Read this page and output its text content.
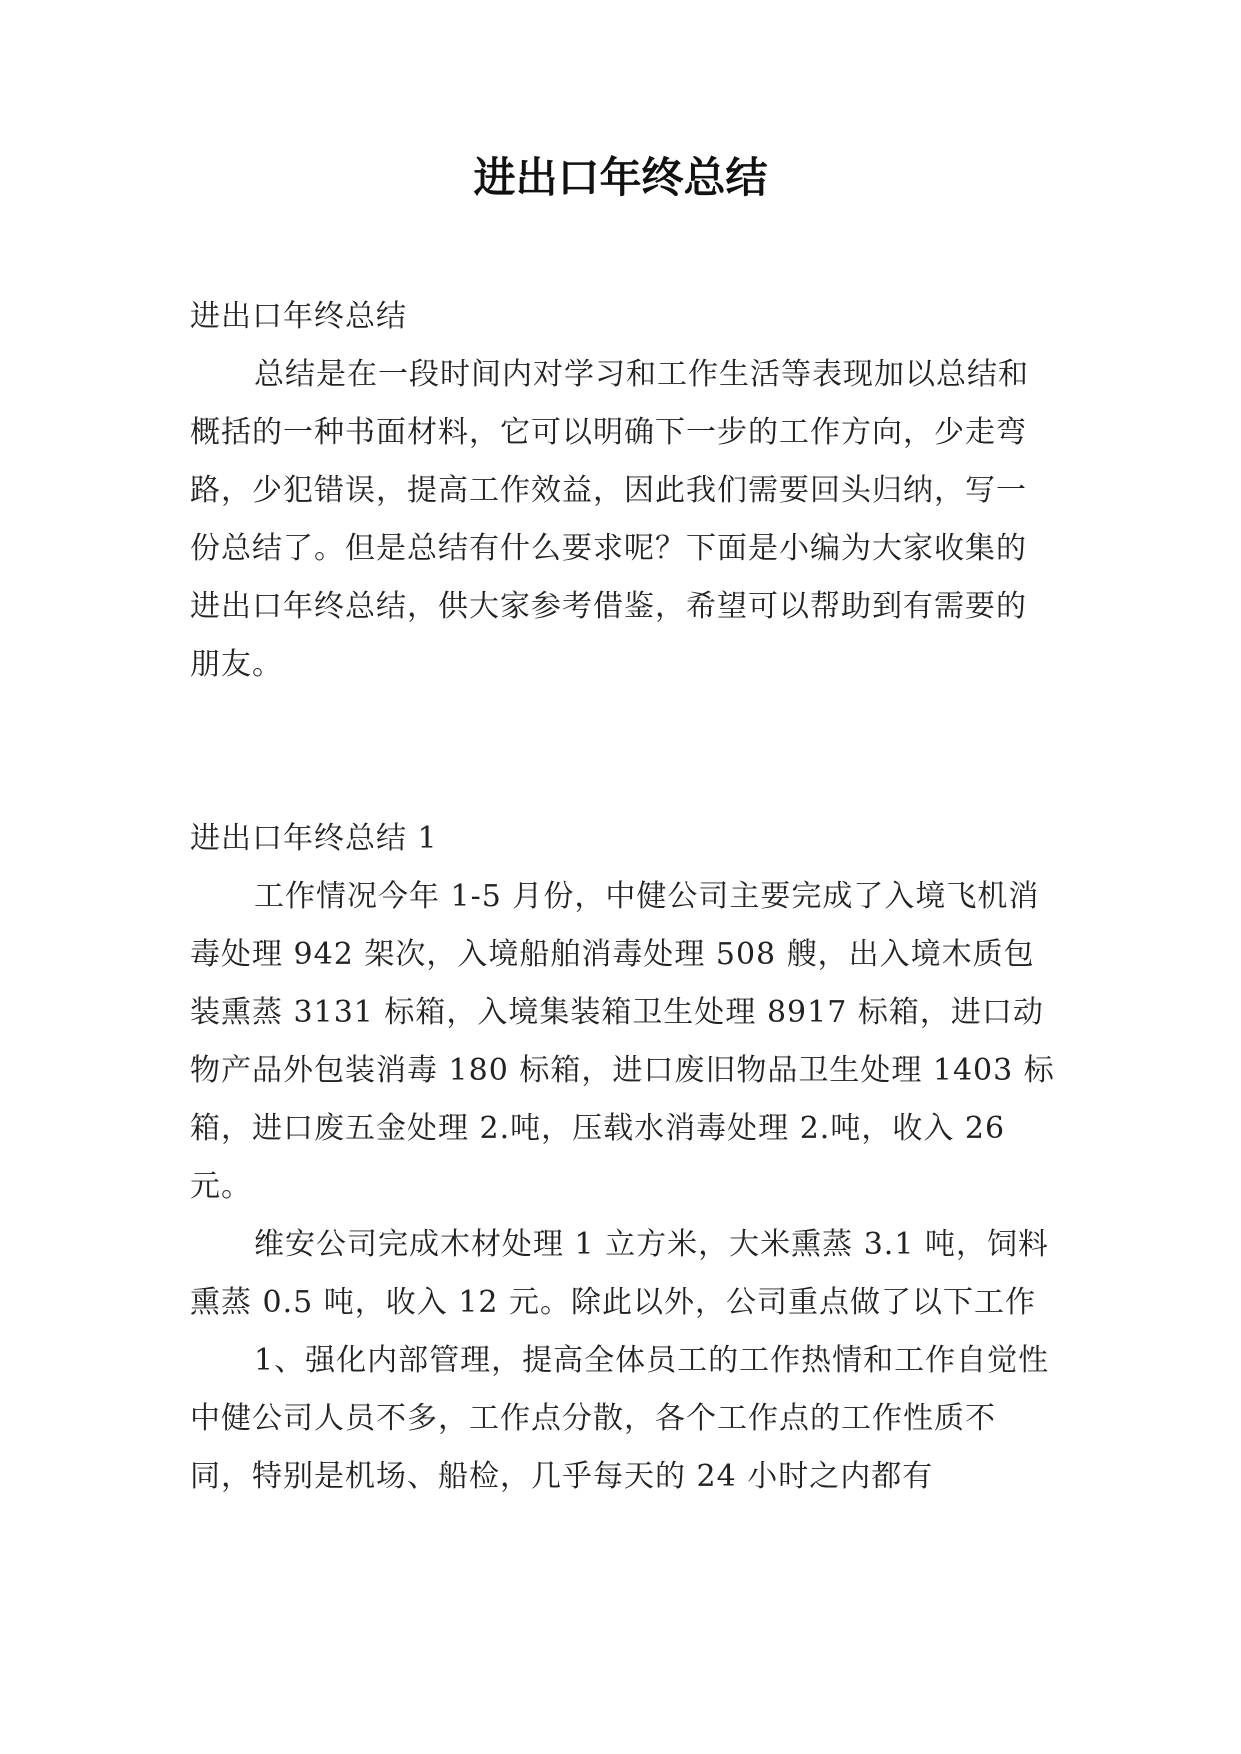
进出口年终总结

进出口年终总结

总结是在一段时间内对学习和工作生活等表现加以总结和概括的一种书面材料，它可以明确下一步的工作方向，少走弯路，少犯错误，提高工作效益，因此我们需要回头归纳，写一份总结了。但是总结有什么要求呢？下面是小编为大家收集的进出口年终总结，供大家参考借鉴，希望可以帮助到有需要的朋友。

进出口年终总结 1

工作情况今年 1-5 月份，中健公司主要完成了入境飞机消毒处理 942 架次，入境船舶消毒处理 508 艘，出入境木质包装熏蒸 3131 标箱，入境集装箱卫生处理 8917 标箱，进口动物产品外包装消毒 180 标箱，进口废旧物品卫生处理 1403 标箱，进口废五金处理 2.吨，压载水消毒处理 2.吨，收入 26 元。

维安公司完成木材处理 1 立方米，大米熏蒸 3.1 吨，饲料熏蒸 0.5 吨，收入 12 元。除此以外，公司重点做了以下工作

1、强化内部管理，提高全体员工的工作热情和工作自觉性中健公司人员不多，工作点分散，各个工作点的工作性质不同，特别是机场、船检，几乎每天的 24 小时之内都有
